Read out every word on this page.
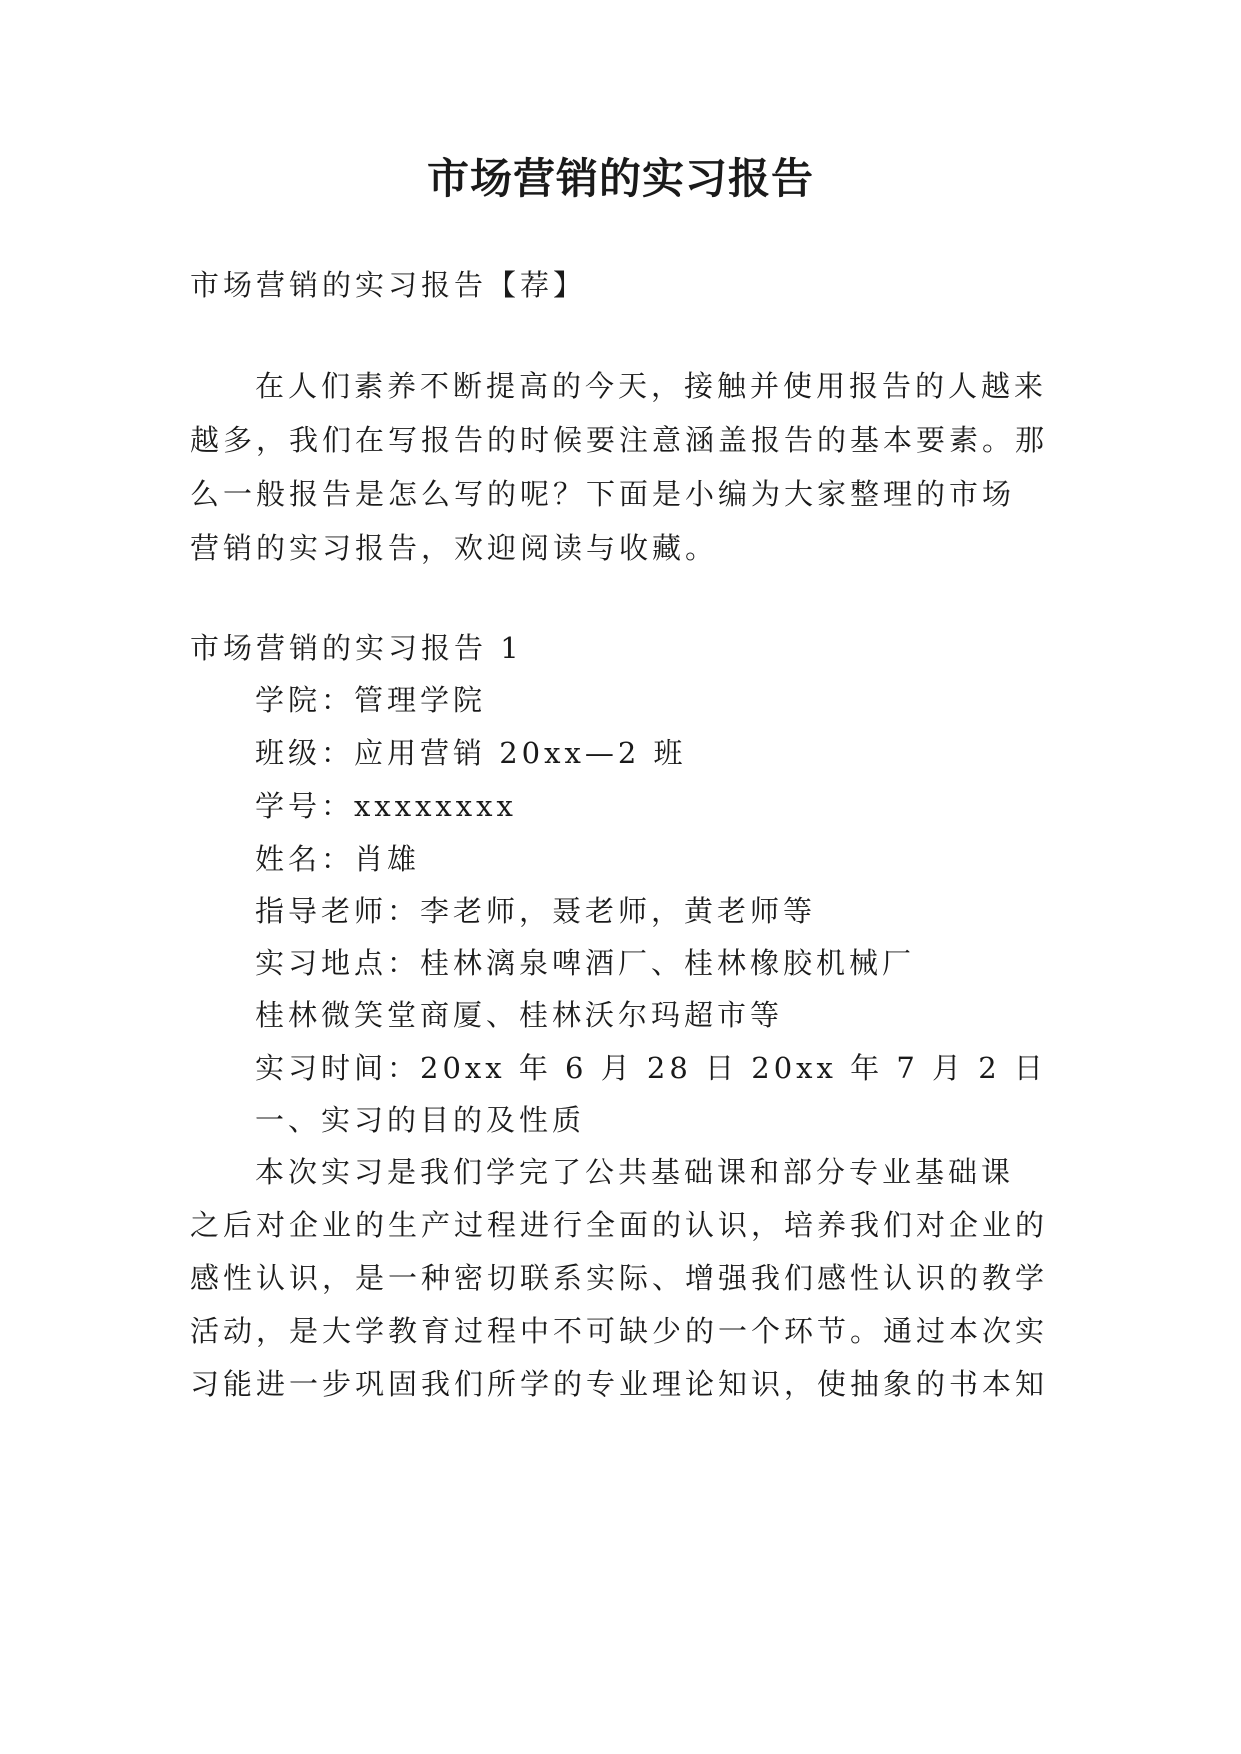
市场营销的实习报告
市场营销的实习报告【荐】
在人们素养不断提高的今天，接触并使用报告的人越来
越多，我们在写报告的时候要注意涵盖报告的基本要素。那
么一般报告是怎么写的呢？下面是小编为大家整理的市场
营销的实习报告，欢迎阅读与收藏。
市场营销的实习报告 1
学院：管理学院
班级：应用营销 20xx—2 班
学号：xxxxxxxx
姓名：肖雄
指导老师：李老师，聂老师，黄老师等
实习地点：桂林漓泉啤酒厂、桂林橡胶机械厂
桂林微笑堂商厦、桂林沃尔玛超市等
实习时间：20xx 年 6 月 28 日 20xx 年 7 月 2 日
一、实习的目的及性质
本次实习是我们学完了公共基础课和部分专业基础课
之后对企业的生产过程进行全面的认识，培养我们对企业的
感性认识，是一种密切联系实际、增强我们感性认识的教学
活动，是大学教育过程中不可缺少的一个环节。通过本次实
习能进一步巩固我们所学的专业理论知识，使抽象的书本知
